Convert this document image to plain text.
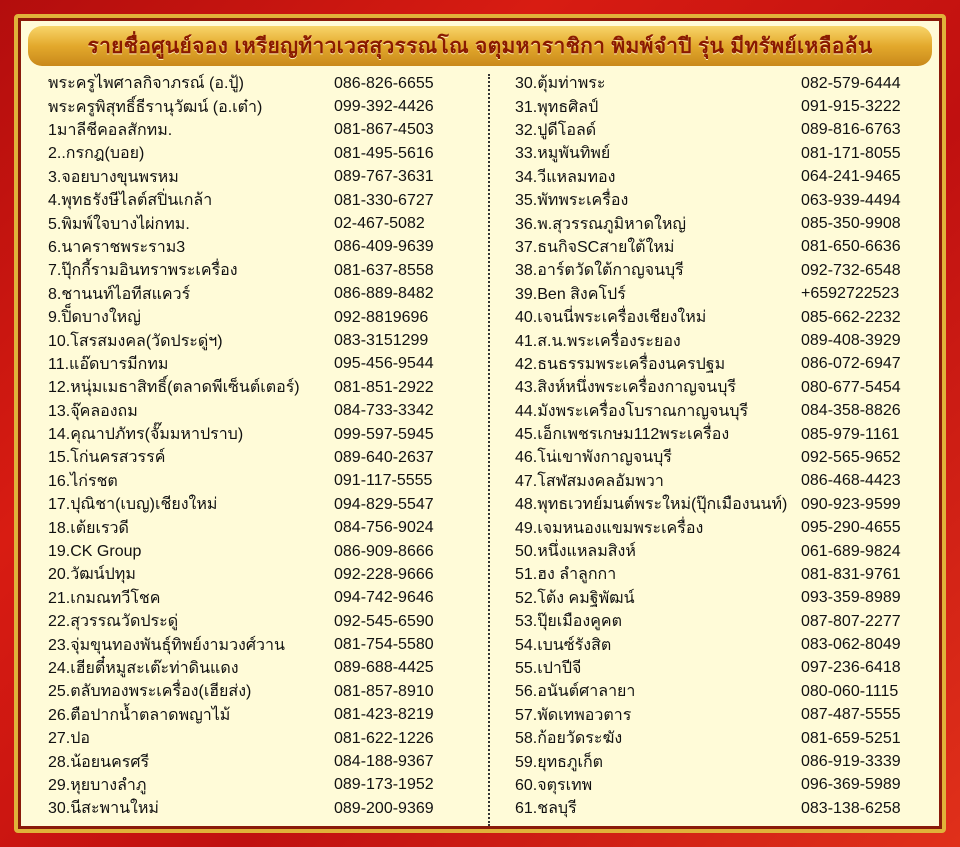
รายชื่อศูนย์จอง เหรียญท้าวเวสสุวรรณโณ จตุมหาราชิกา พิมพ์จำปี รุ่น มีทรัพย์เหลือล้น
พระครูไพศาลกิจาภรณ์ (อ.ปู้)	086-826-6655
พระครูพิสุทธิ์ธีรานุวัฒน์ (อ.เต๋า)	099-392-4426
1มาลีชีคอลสักทม.	081-867-4503
2..กรกฎ(บอย)	081-495-5616
3.จอยบางขุนพรหม	089-767-3631
4.พุทธรังษีไลต์สปิ่นเกล้า	081-330-6727
5.พิมพ์ใจบางไผ่กทม.	02-467-5082
6.นาคราชพระราม3	086-409-9639
7.ปุ๊กกี้รามอินทราพระเครื่อง	081-637-8558
8.ชานนท์ไอทีสแควร์	086-889-8482
9.ปิ็ดบางใหญ่	092-8819696
10.โสรสมงคล(วัดประดู่ฯ)	083-3151299
11.แอ๊ดบารมีกทม	095-456-9544
12.หนุ่มเมธาสิทธิ์(ตลาดพีเซ็นต์เตอร์) 081-851-2922
13.จุ๊คลองถม	084-733-3342
14.คุณาปภัทร(จั๊มมหาปราบ)	099-597-5945
15.โก่นครสวรรค์	089-640-2637
16.ไก่รชต	091-117-5555
17.ปุณิชา(เบญ)เชียงใหม่	094-829-5547
18.เต้ยเรวดี	084-756-9024
19.CK Group	086-909-8666
20.วัฒน์ปทุม	092-228-9666
21.เกมณทวีโชค	094-742-9646
22.สุวรรณวัดประดู่	092-545-6590
23.จุ่มขุนทองพันธุ์ทิพย์งามวงศ์วาน	081-754-5580
24.เฮียตี๋หมูสะเต๊ะท่าดินแดง	089-688-4425
25.ตลับทองพระเครื่อง(เฮียส่ง)	081-857-8910
26.ตือปากน้ำตลาดพญาไม้	081-423-8219
27.ปอ	081-622-1226
28.น้อยนครศรี	084-188-9367
29.หุยบางลำภู	089-173-1952
30.นีสะพานใหม่	089-200-9369
30.ตุ้มท่าพระ	082-579-6444
31.พุทธศิลป์	091-915-3222
32.ปูดีโอลด์	089-816-6763
33.หมูพันทิพย์	081-171-8055
34.วีแหลมทอง	064-241-9465
35.พัทพระเครื่อง	063-939-4494
36.พ.สุวรรณภูมิหาดใหญ่	085-350-9908
37.ธนกิจSCสายใต้ใหม่	081-650-6636
38.อาร์ตวัดใต้กาญจนบุรี	092-732-6548
39.Ben สิงคโปร์	+6592722523
40.เจนนี่พระเครื่องเชียงใหม่	085-662-2232
41.ส.น.พระเครื่องระยอง	089-408-3929
42.ธนธรรมพระเครื่องนครปฐม	086-072-6947
43.สิงห์หนึ่งพระเครื่องกาญจนบุรี	080-677-5454
44.มังพระเครื่องโบราณกาญจนบุรี	084-358-8826
45.เอ็กเพชรเกษม112พระเครื่อง	085-979-1161
46.โน่เขาพังกาญจนบุรี	092-565-9652
47.โสฬสมงคลอัมพวา	086-468-4423
48.พุทธเวทย์มนต์พระใหม่(ปุ๊กเมืองนนท์) 090-923-9599
49.เจมหนองแขมพระเครื่อง	095-290-4655
50.หนึ่งแหลมสิงห์	061-689-9824
51.ฮง ลำลูกกา	081-831-9761
52.โต้ง คมฐิพัฒน์	093-359-8989
53.ปุ๊ยเมืองคูคต	087-807-2277
54.เบนซ์รังสิต	083-062-8049
55.เปาปีจี	097-236-6418
56.อนันต์ศาลายา	080-060-1115
57.พัดเทพอวตาร	087-487-5555
58.ก้อยวัดระฆัง	081-659-5251
59.ยุทธภูเก็ต	086-919-3339
60.จตุรเทพ	096-369-5989
61.ชลบุรี	083-138-6258
